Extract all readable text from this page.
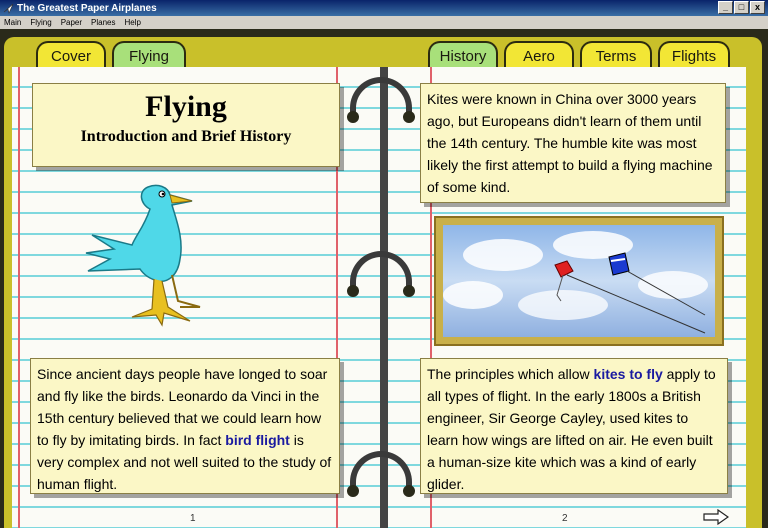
The Greatest Paper Airplanes	_	□	x
Main Flying Paper Planes Help
Cover	Flying	History	Aero	Terms	Flights
Flying
Introduction and Brief History
Since ancient days people have longed to soar and fly like the birds. Leonardo da Vinci in the 15th century believed that we could learn how to fly by imitating birds. In fact bird flight is very complex and not well suited to the study of human flight.
Kites were known in China over 3000 years ago, but Europeans didn't learn of them until the 14th century. The humble kite was most likely the first attempt to build a flying machine of some kind.
The principles which allow kites to fly apply to all types of flight. In the early 1800s a British engineer, Sir George Cayley, used kites to learn how wings are lifted on air. He even built a human-size kite which was a kind of early glider.
1	2
